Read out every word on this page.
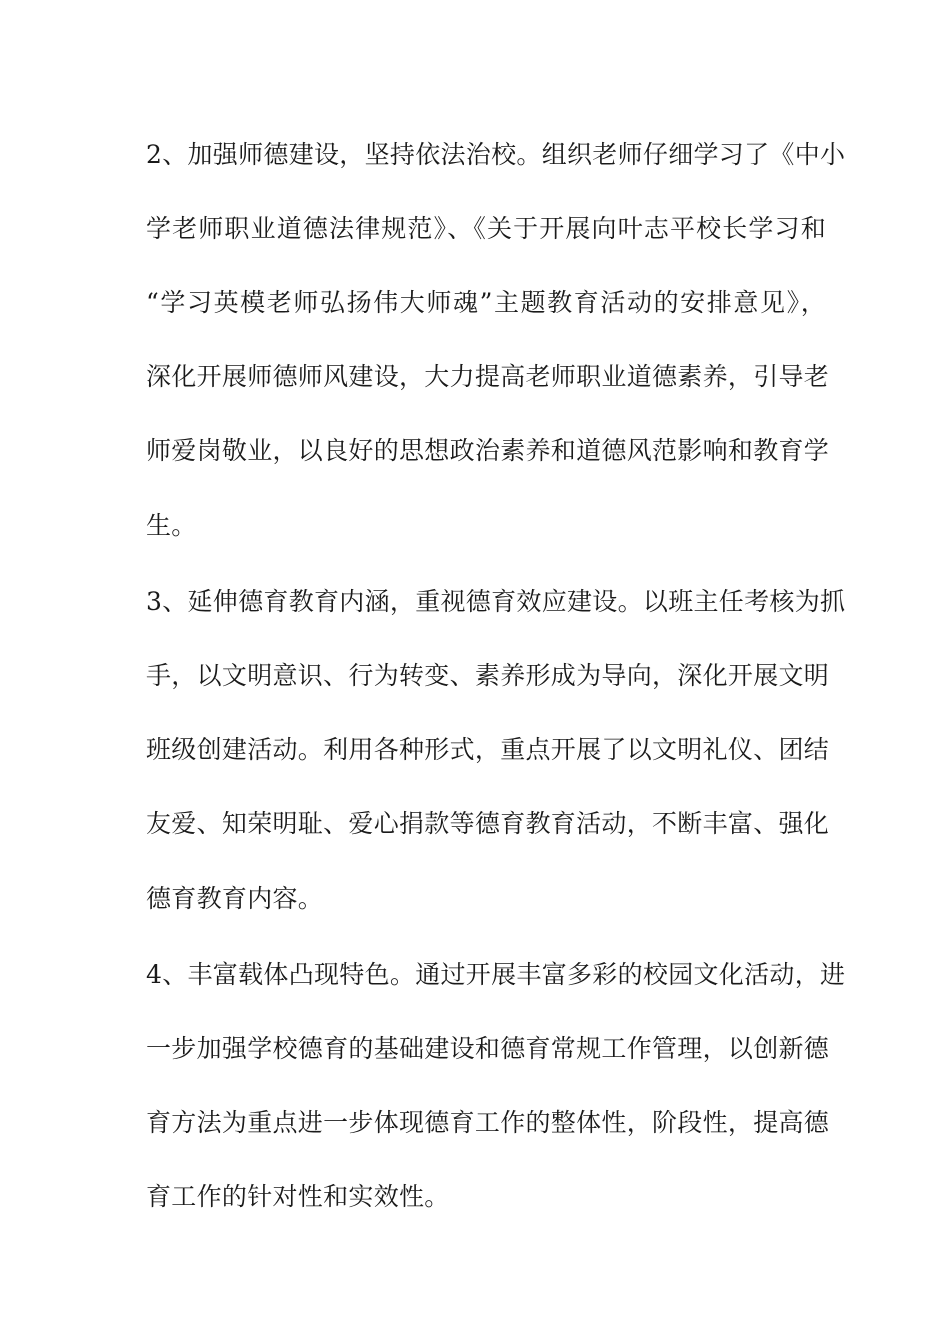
2、加强师德建设，坚持依法治校。组织老师仔细学习了《中小
学老师职业道德法律规范》、《关于开展向叶志平校长学习和
“学习英模老师弘扬伟大师魂”主题教育活动的安排意见》，
深化开展师德师风建设，大力提高老师职业道德素养，引导老
师爱岗敬业，以良好的思想政治素养和道德风范影响和教育学
生。
3、延伸德育教育内涵，重视德育效应建设。以班主任考核为抓
手，以文明意识、行为转变、素养形成为导向，深化开展文明
班级创建活动。利用各种形式，重点开展了以文明礼仪、团结
友爱、知荣明耻、爱心捐款等德育教育活动，不断丰富、强化
德育教育内容。
4、丰富载体凸现特色。通过开展丰富多彩的校园文化活动，进
一步加强学校德育的基础建设和德育常规工作管理，以创新德
育方法为重点进一步体现德育工作的整体性，阶段性，提高德
育工作的针对性和实效性。
